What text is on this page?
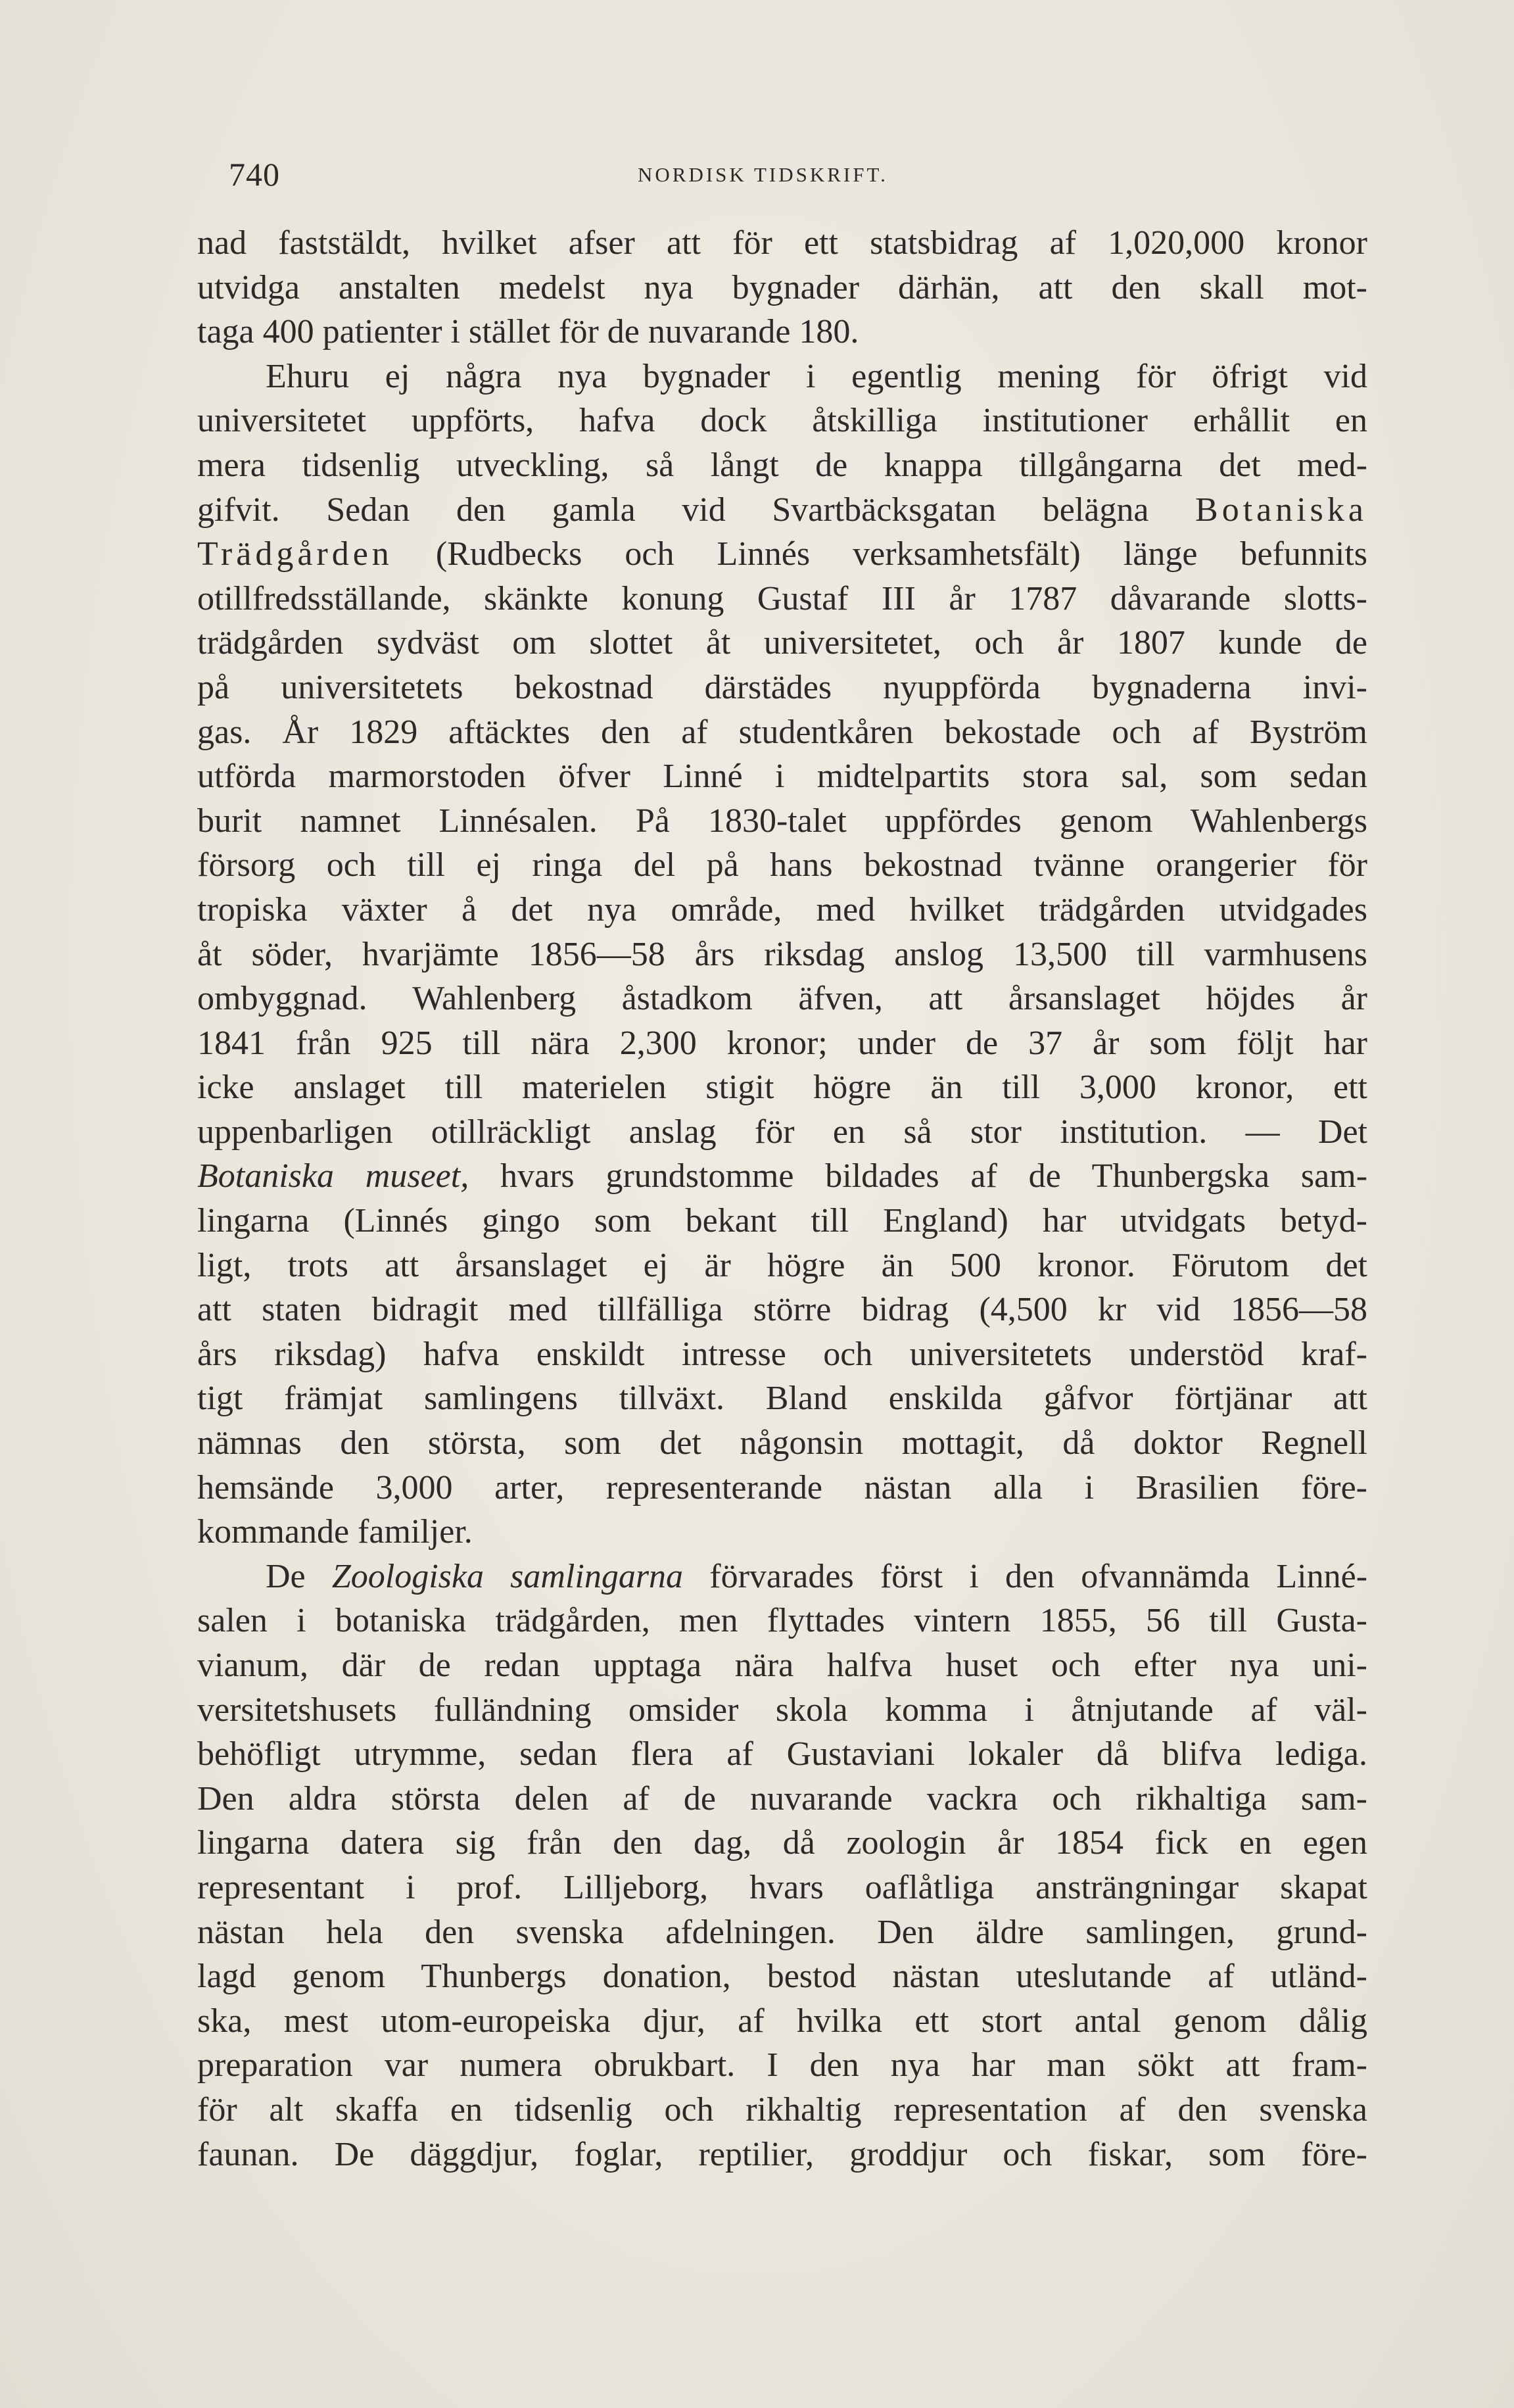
740	NORDISK TIDSKRIFT.
nad faststäldt, hvilket afser att för ett statsbidrag af 1,020,000 kronor
utvidga anstalten medelst nya bygnader därhän, att den skall mot-
taga 400 patienter i stället för de nuvarande 180.
Ehuru ej några nya bygnader i egentlig mening för öfrigt vid
universitetet uppförts, hafva dock åtskilliga institutioner erhållit en
mera tidsenlig utveckling, så långt de knappa tillgångarna det med-
gifvit. Sedan den gamla vid Svartbäcksgatan belägna Botaniska
Trädgården (Rudbecks och Linnés verksamhetsfält) länge befunnits
otillfredsställande, skänkte konung Gustaf III år 1787 dåvarande slotts-
trädgården sydväst om slottet åt universitetet, och år 1807 kunde de
på universitetets bekostnad därstädes nyuppförda bygnaderna invi-
gas. År 1829 aftäcktes den af studentkåren bekostade och af Byström
utförda marmorstoden öfver Linné i midtelpartits stora sal, som sedan
burit namnet Linnésalen. På 1830-talet uppfördes genom Wahlenbergs
försorg och till ej ringa del på hans bekostnad tvänne orangerier för
tropiska växter å det nya område, med hvilket trädgården utvidgades
åt söder, hvarjämte 1856—58 års riksdag anslog 13,500 till varmhusens
ombyggnad. Wahlenberg åstadkom äfven, att årsanslaget höjdes år
1841 från 925 till nära 2,300 kronor; under de 37 år som följt har
icke anslaget till materielen stigit högre än till 3,000 kronor, ett
uppenbarligen otillräckligt anslag för en så stor institution. — Det
Botaniska museet, hvars grundstomme bildades af de Thunbergska sam-
lingarna (Linnés gingo som bekant till England) har utvidgats betyd-
ligt, trots att årsanslaget ej är högre än 500 kronor. Förutom det
att staten bidragit med tillfälliga större bidrag (4,500 kr vid 1856—58
års riksdag) hafva enskildt intresse och universitetets understöd kraf-
tigt främjat samlingens tillväxt. Bland enskilda gåfvor förtjänar att
nämnas den största, som det någonsin mottagit, då doktor Regnell
hemsände 3,000 arter, representerande nästan alla i Brasilien före-
kommande familjer.
De Zoologiska samlingarna förvarades först i den ofvannämda Linné-
salen i botaniska trädgården, men flyttades vintern 1855, 56 till Gusta-
vianum, där de redan upptaga nära halfva huset och efter nya uni-
versitetshusets fulländning omsider skola komma i åtnjutande af väl-
behöfligt utrymme, sedan flera af Gustaviani lokaler då blifva lediga.
Den aldra största delen af de nuvarande vackra och rikhaltiga sam-
lingarna datera sig från den dag, då zoologin år 1854 fick en egen
representant i prof. Lilljeborg, hvars oaflåtliga ansträngningar skapat
nästan hela den svenska afdelningen. Den äldre samlingen, grund-
lagd genom Thunbergs donation, bestod nästan uteslutande af utländ-
ska, mest utom-europeiska djur, af hvilka ett stort antal genom dålig
preparation var numera obrukbart. I den nya har man sökt att fram-
för alt skaffa en tidsenlig och rikhaltig representation af den svenska
faunan. De däggdjur, foglar, reptilier, groddjur och fiskar, som före-
